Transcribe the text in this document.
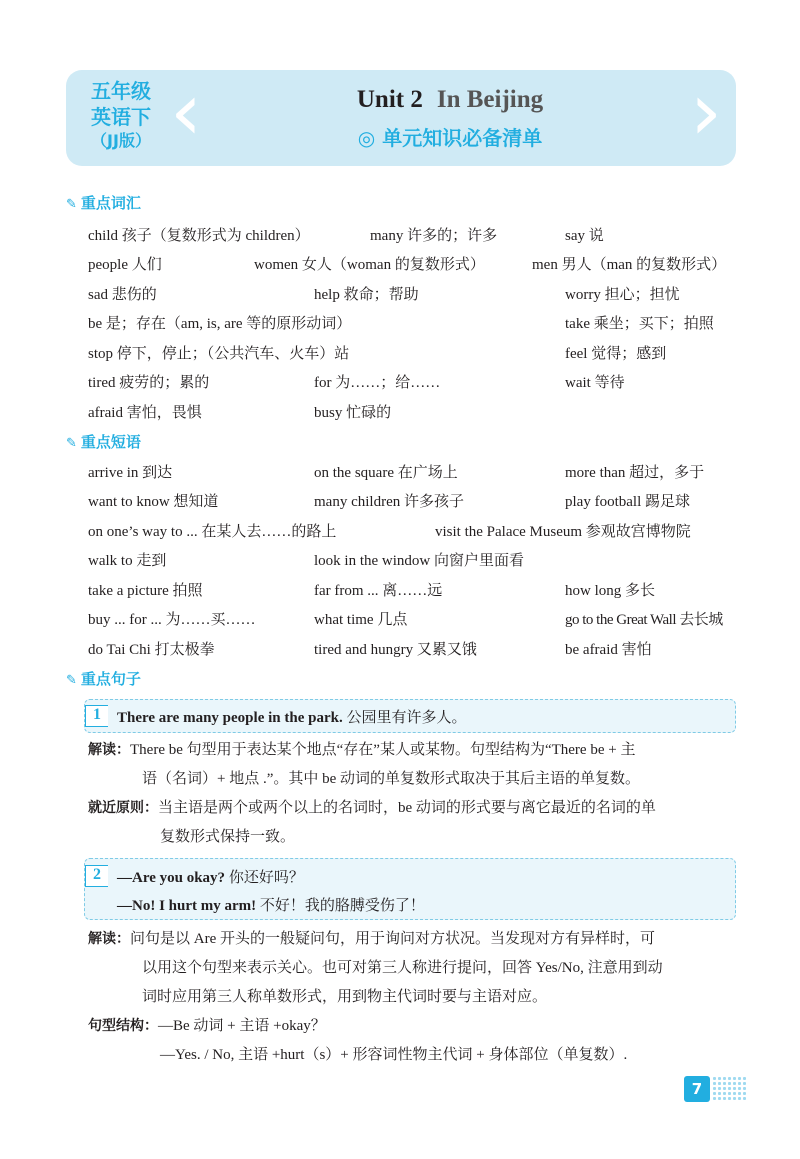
五年级
英语下
（JJ版） ‹	›
Unit 2 In Beijing
◎ 单元知识必备清单
✎ 重点词汇
child 孩子（复数形式为 children）	many 许多的；许多	say 说
people 人们	women 女人（woman 的复数形式）	men 男人（man 的复数形式）
sad 悲伤的	help 救命；帮助	worry 担心；担忧
be 是；存在（am, is, are 等的原形动词）	take 乘坐；买下；拍照
stop 停下，停止；（公共汽车、火车）站	feel 觉得；感到
tired 疲劳的；累的	for 为……；给……	wait 等待
afraid 害怕，畏惧	busy 忙碌的
✎ 重点短语
arrive in 到达	on the square 在广场上	more than 超过，多于
want to know 想知道	many children 许多孩子	play football 踢足球
on one’s way to ... 在某人去……的路上	visit the Palace Museum 参观故宫博物院
walk to 走到	look in the window 向窗户里面看
take a picture 拍照	far from ... 离……远	how long 多长
buy ... for ... 为……买……	what time 几点	go to the Great Wall 去长城
do Tai Chi 打太极拳	tired and hungry 又累又饿	be afraid 害怕
✎ 重点句子
1	There are many people in the park. 公园里有许多人。
解读：There be 句型用于表达某个地点“存在”某人或某物。句型结构为“There be + 主
语（名词）+ 地点 .”。其中 be 动词的单复数形式取决于其后主语的单复数。
就近原则：当主语是两个或两个以上的名词时，be 动词的形式要与离它最近的名词的单
复数形式保持一致。
2	—Are you okay? 你还好吗？
—No! I hurt my arm! 不好！我的胳膊受伤了！
解读：问句是以 Are 开头的一般疑问句，用于询问对方状况。当发现对方有异样时，可
以用这个句型来表示关心。也可对第三人称进行提问，回答 Yes/No, 注意用到动
词时应用第三人称单数形式，用到物主代词时要与主语对应。
句型结构：—Be 动词 + 主语 +okay？
—Yes. / No, 主语 +hurt（s）+ 形容词性物主代词 + 身体部位（单复数）.
7
